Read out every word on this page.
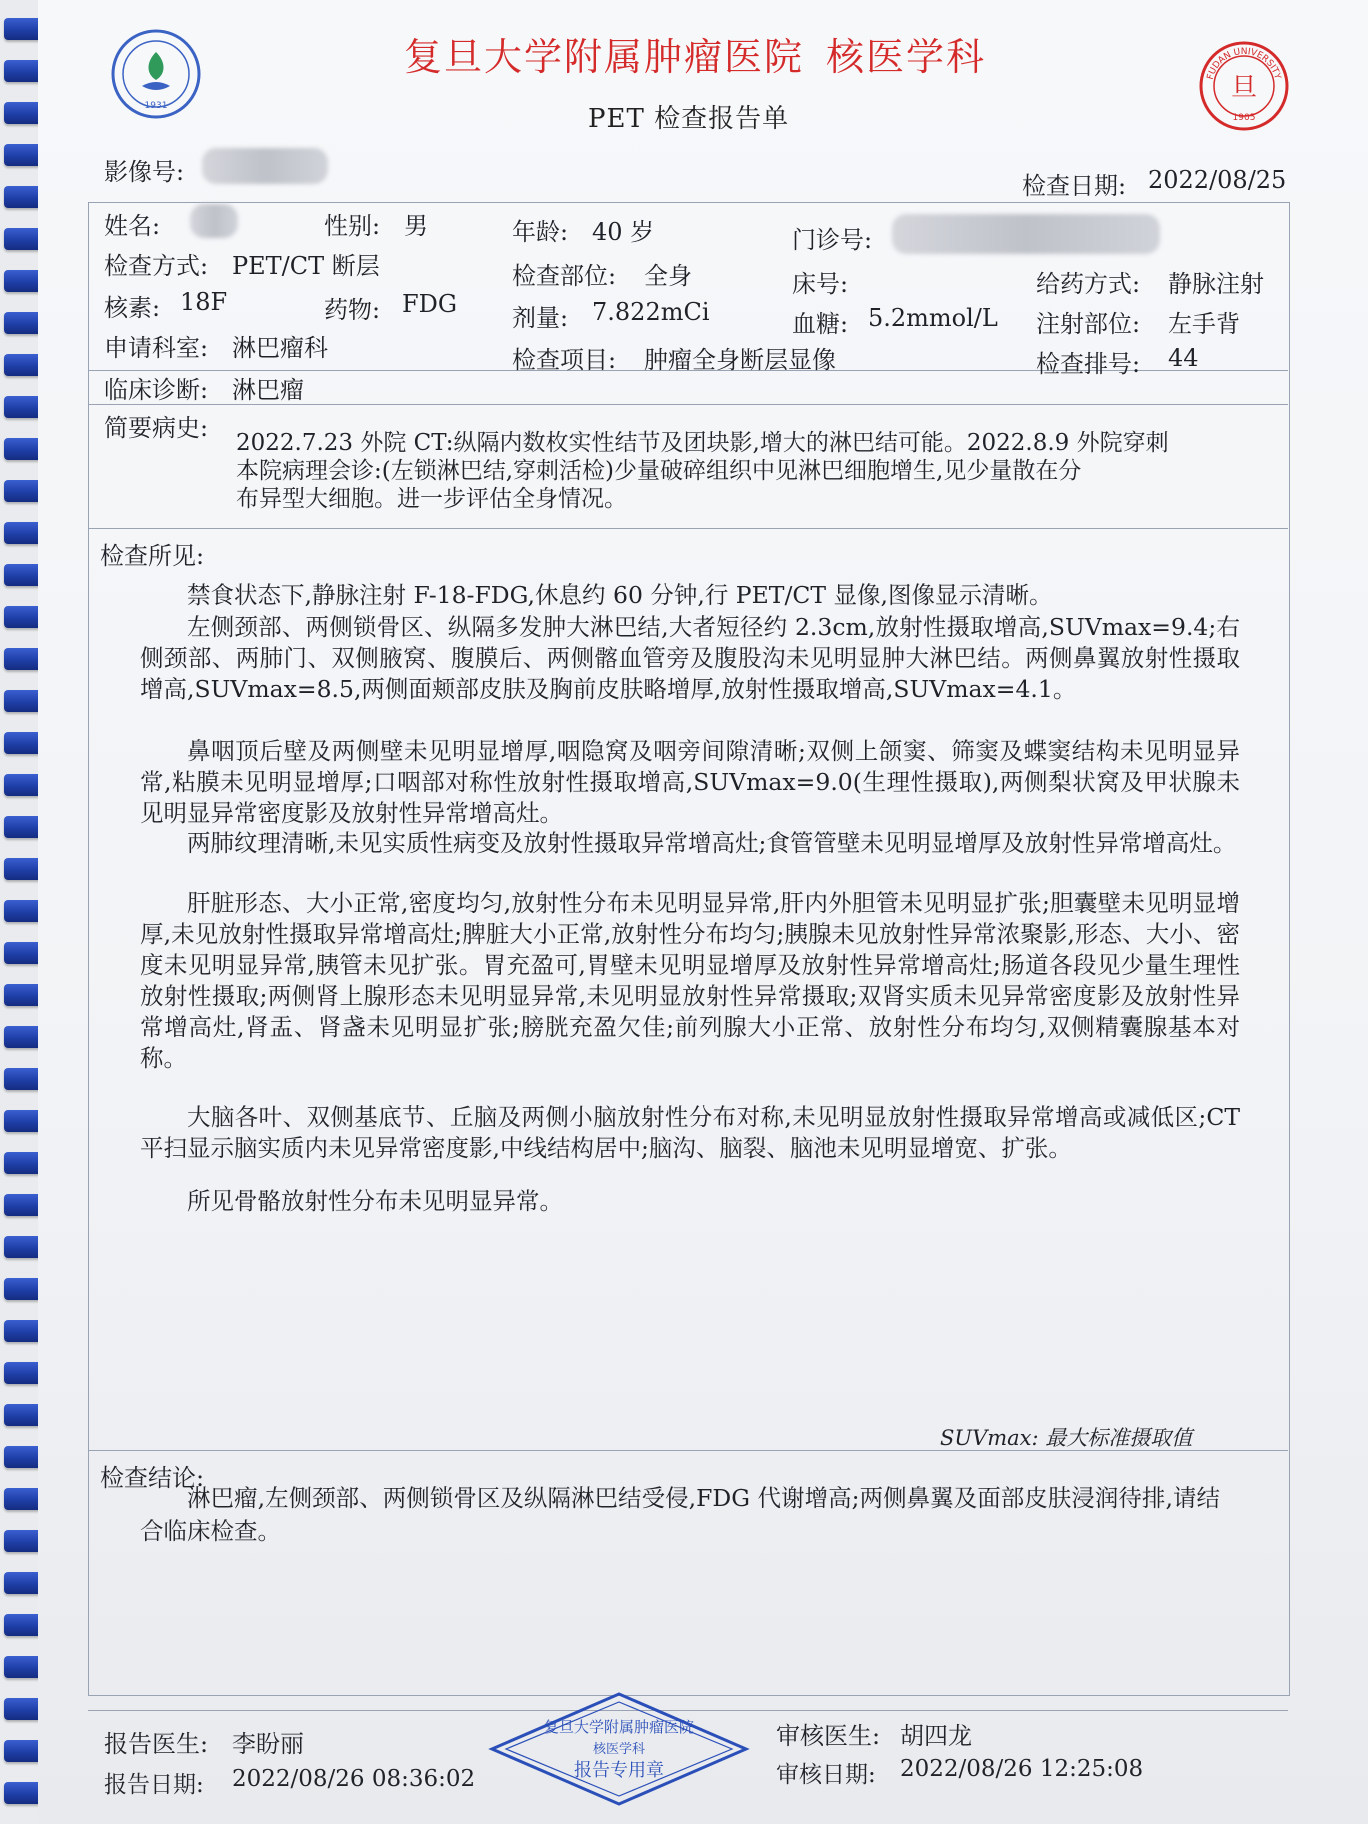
1931
FUDAN UNIVERSITY
旦
1905
复旦大学附属肿瘤医院 核医学科
PET 检查报告单
影像号:	检查日期: 2022/08/25
姓名:	性别: 男	年龄: 40 岁	门诊号:
检查方式: PET/CT 断层	检查部位: 全身	床号:	给药方式: 静脉注射
核素: 18F	药物: FDG 剂量: 7.822mCi	血糖: 5.2mmol/L 注射部位: 左手背
申请科室: 淋巴瘤科	检查项目: 肿瘤全身断层显像	检查排号: 44
临床诊断: 淋巴瘤
简要病史:
2022.7.23 外院 CT:纵隔内数枚实性结节及团块影,增大的淋巴结可能。2022.8.9 外院穿刺
本院病理会诊:(左锁淋巴结,穿刺活检)少量破碎组织中见淋巴细胞增生,见少量散在分
布异型大细胞。进一步评估全身情况。
检查所见:
禁食状态下,静脉注射 F-18-FDG,休息约 60 分钟,行 PET/CT 显像,图像显示清晰。
左侧颈部、两侧锁骨区、纵隔多发肿大淋巴结,大者短径约 2.3cm,放射性摄取增高,SUVmax=9.4;右侧颈部、两肺门、双侧腋窝、腹膜后、两侧髂血管旁及腹股沟未见明显肿大淋巴结。两侧鼻翼放射性摄取增高,SUVmax=8.5,两侧面颊部皮肤及胸前皮肤略增厚,放射性摄取增高,SUVmax=4.1。
鼻咽顶后壁及两侧壁未见明显增厚,咽隐窝及咽旁间隙清晰;双侧上颌窦、筛窦及蝶窦结构未见明显异常,粘膜未见明显增厚;口咽部对称性放射性摄取增高,SUVmax=9.0(生理性摄取),两侧梨状窝及甲状腺未见明显异常密度影及放射性异常增高灶。
两肺纹理清晰,未见实质性病变及放射性摄取异常增高灶;食管管壁未见明显增厚及放射性异常增高灶。
肝脏形态、大小正常,密度均匀,放射性分布未见明显异常,肝内外胆管未见明显扩张;胆囊壁未见明显增厚,未见放射性摄取异常增高灶;脾脏大小正常,放射性分布均匀;胰腺未见放射性异常浓聚影,形态、大小、密度未见明显异常,胰管未见扩张。胃充盈可,胃壁未见明显增厚及放射性异常增高灶;肠道各段见少量生理性放射性摄取;两侧肾上腺形态未见明显异常,未见明显放射性异常摄取;双肾实质未见异常密度影及放射性异常增高灶,肾盂、肾盏未见明显扩张;膀胱充盈欠佳;前列腺大小正常、放射性分布均匀,双侧精囊腺基本对称。
大脑各叶、双侧基底节、丘脑及两侧小脑放射性分布对称,未见明显放射性摄取异常增高或减低区;CT 平扫显示脑实质内未见异常密度影,中线结构居中;脑沟、脑裂、脑池未见明显增宽、扩张。
所见骨骼放射性分布未见明显异常。
SUVmax: 最大标准摄取值
检查结论:
淋巴瘤,左侧颈部、两侧锁骨区及纵隔淋巴结受侵,FDG 代谢增高;两侧鼻翼及面部皮肤浸润待排,请结合临床检查。
报告医生: 李盼丽
报告日期: 2022/08/26 08:36:02
审核医生: 胡四龙
审核日期: 2022/08/26 12:25:08
复旦大学附属肿瘤医院
核医学科
报告专用章
